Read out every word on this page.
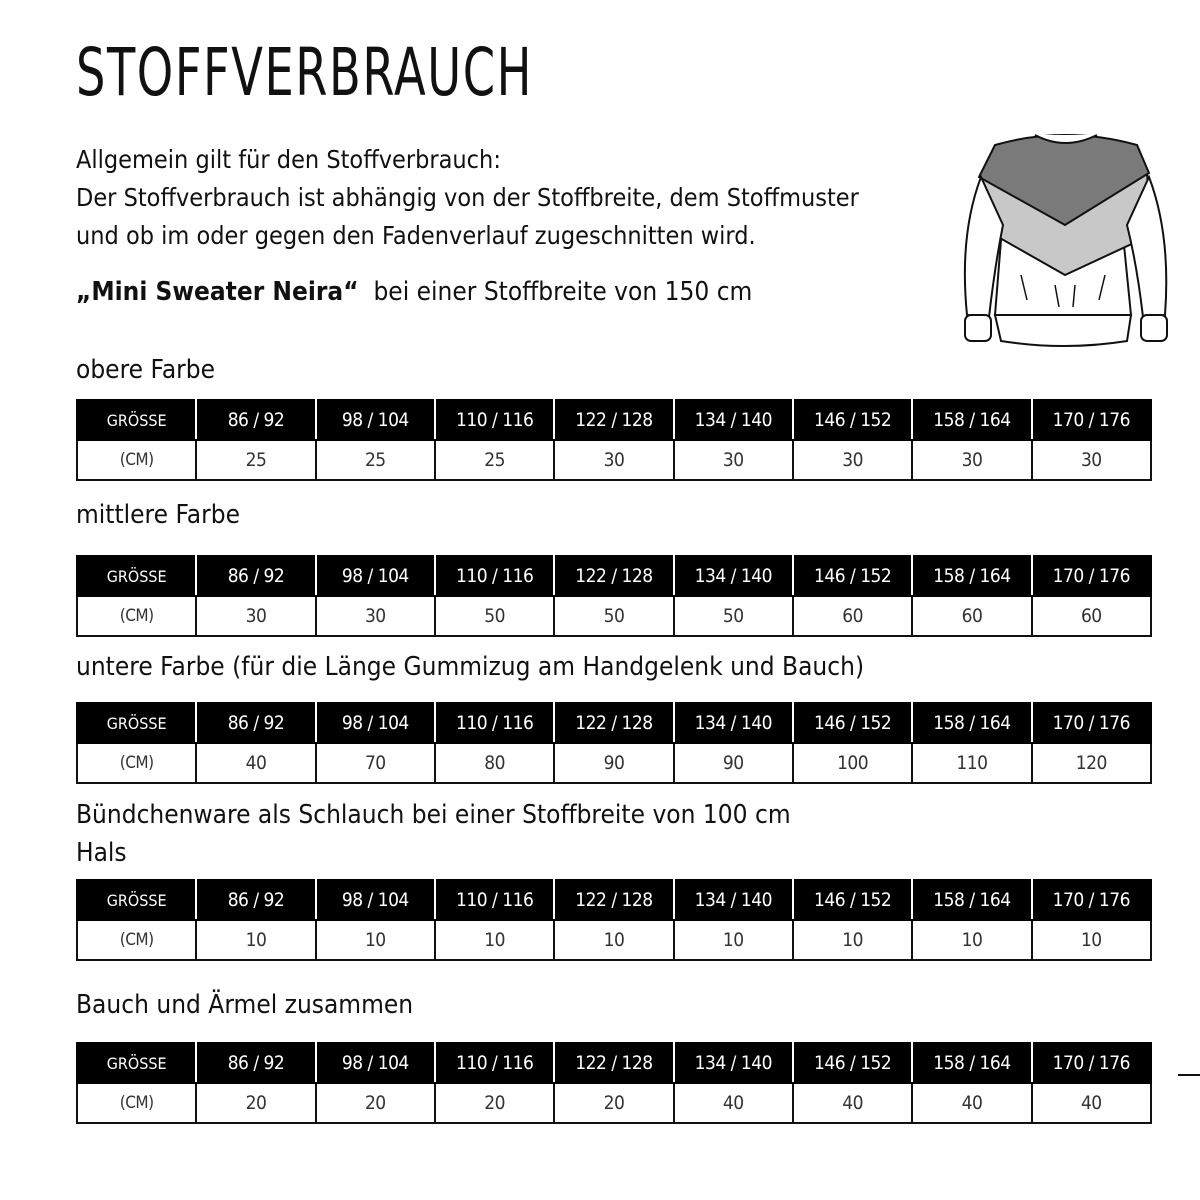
STOFFVERBRAUCH
Allgemein gilt für den Stoffverbrauch:
Der Stoffverbrauch ist abhängig von der Stoffbreite, dem Stoffmuster
und ob im oder gegen den Fadenverlauf zugeschnitten wird.
„Mini Sweater Neira“ bei einer Stoffbreite von 150 cm
obere Farbe
GRÖSSE	86 / 92	98 / 104	110 / 116	122 / 128	134 / 140	146 / 152	158 / 164	170 / 176
(CM)	25	25	25	30	30	30	30	30
mittlere Farbe
GRÖSSE	86 / 92	98 / 104	110 / 116	122 / 128	134 / 140	146 / 152	158 / 164	170 / 176
(CM)	30	30	50	50	50	60	60	60
untere Farbe (für die Länge Gummizug am Handgelenk und Bauch)
GRÖSSE	86 / 92	98 / 104	110 / 116	122 / 128	134 / 140	146 / 152	158 / 164	170 / 176
(CM)	40	70	80	90	90	100	110	120
Bündchenware als Schlauch bei einer Stoffbreite von 100 cm
Hals
GRÖSSE	86 / 92	98 / 104	110 / 116	122 / 128	134 / 140	146 / 152	158 / 164	170 / 176
(CM)	10	10	10	10	10	10	10	10
Bauch und Ärmel zusammen
GRÖSSE	86 / 92	98 / 104	110 / 116	122 / 128	134 / 140	146 / 152	158 / 164	170 / 176
(CM)	20	20	20	20	40	40	40	40
